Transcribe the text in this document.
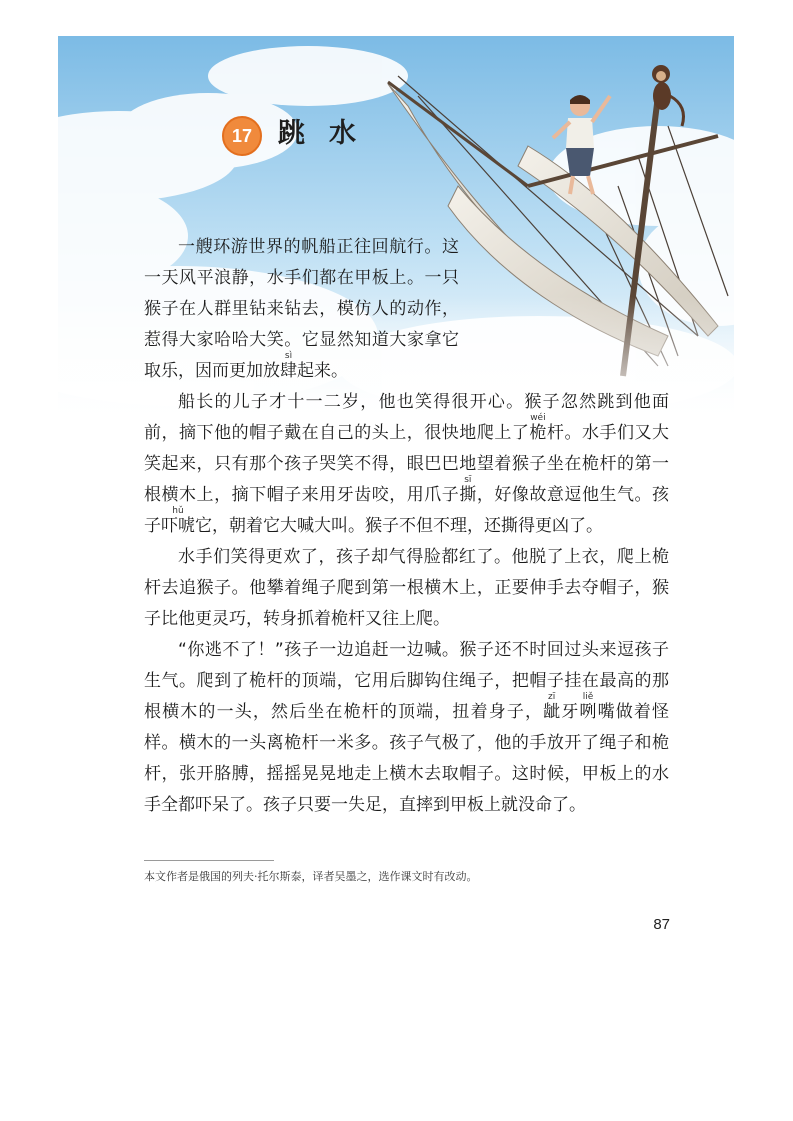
17 跳水

一艘环游世界的帆船正往回航行。这一天风平浪静，水手们都在甲板上。一只猴子在人群里钻来钻去，模仿人的动作，惹得大家哈哈大笑。它显然知道大家拿它取乐，因而更加放肆sì起来。

船长的儿子才十一二岁，他也笑得很开心。猴子忽然跳到他面前，摘下他的帽子戴在自己的头上，很快地爬上了桅wéi杆。水手们又大笑起来，只有那个孩子哭笑不得，眼巴巴地望着猴子坐在桅杆的第一根横木上，摘下帽子来用牙齿咬，用爪子撕sī，好像故意逗他生气。孩子吓唬hǔ它，朝着它大喊大叫。猴子不但不理，还撕得更凶了。

水手们笑得更欢了，孩子却气得脸都红了。他脱了上衣，爬上桅杆去追猴子。他攀着绳子爬到第一根横木上，正要伸手去夺帽子，猴子比他更灵巧，转身抓着桅杆又往上爬。

“你逃不了！”孩子一边追赶一边喊。猴子还不时回过头来逗孩子生气。爬到了桅杆的顶端，它用后脚钩住绳子，把帽子挂在最高的那根横木的一头，然后坐在桅杆的顶端，扭着身子，龇zī牙咧liě嘴做着怪样。横木的一头离桅杆一米多。孩子气极了，他的手放开了绳子和桅杆，张开胳膊，摇摇晃晃地走上横木去取帽子。这时候，甲板上的水手全都吓呆了。孩子只要一失足，直摔到甲板上就没命了。

本文作者是俄国的列夫·托尔斯泰，译者吴墨之，选作课文时有改动。
87
